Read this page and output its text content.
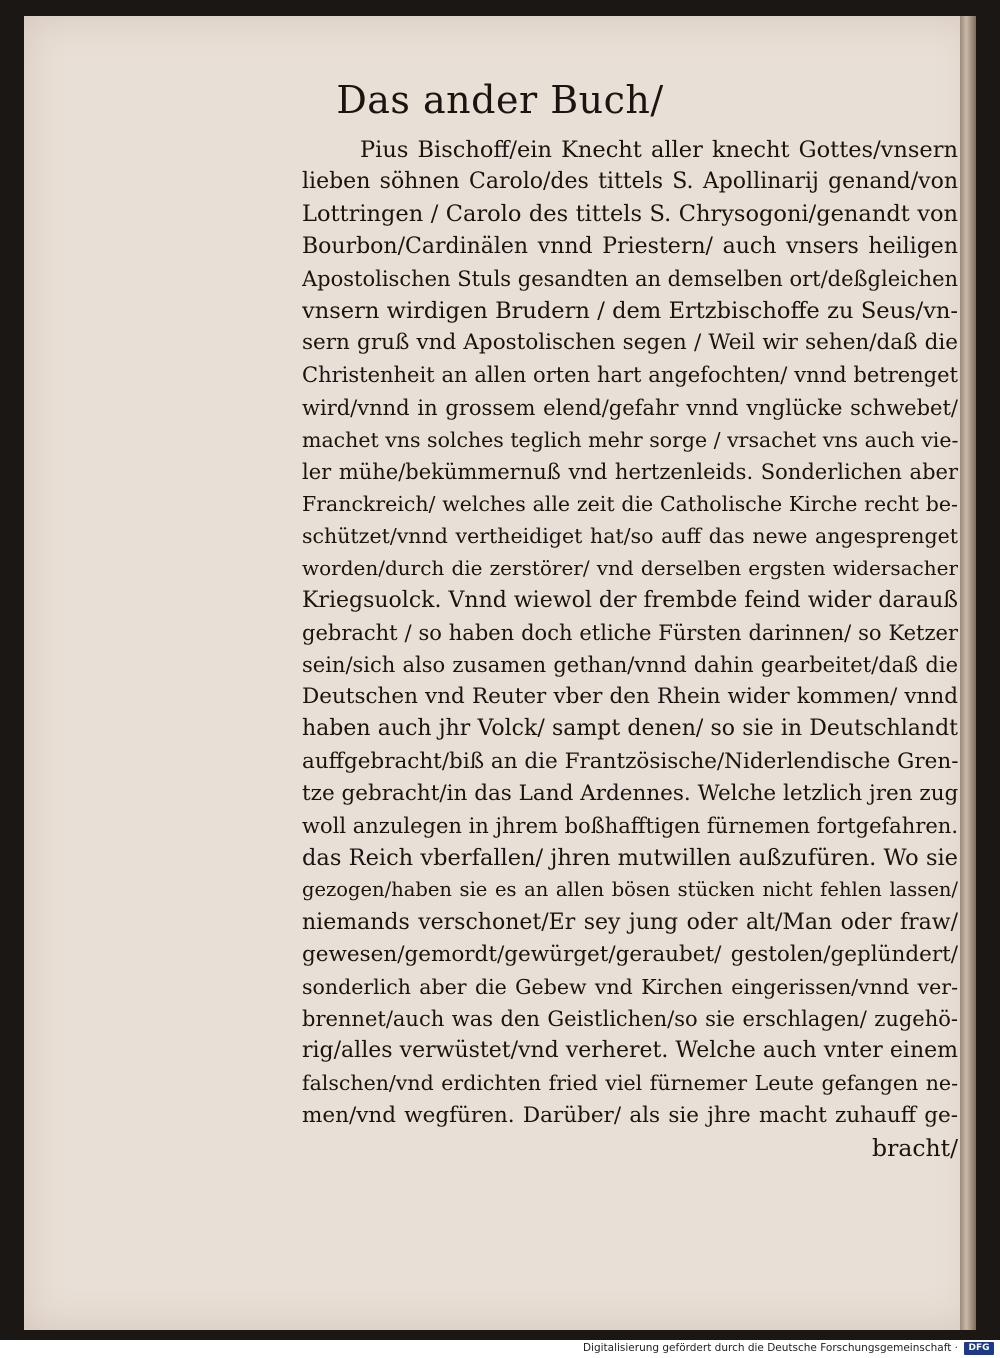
Das ander Buch/
Pius Bischoff/ein Knecht aller knecht Gottes/vnsern
lieben söhnen Carolo/des tittels S. Apollinarij genand/von
Lottringen / Carolo des tittels S. Chrysogoni/genandt von
Bourbon/Cardinälen vnnd Priestern/ auch vnsers heiligen
Apostolischen Stuls gesandten an demselben ort/deßgleichen
vnsern wirdigen Brudern / dem Ertzbischoffe zu Seus/vn-
sern gruß vnd Apostolischen segen / Weil wir sehen/daß die
Christenheit an allen orten hart angefochten/ vnnd betrenget
wird/vnnd in grossem elend/gefahr vnnd vnglücke schwebet/
machet vns solches teglich mehr sorge / vrsachet vns auch vie-
ler mühe/bekümmernuß vnd hertzenleids. Sonderlichen aber
Franckreich/ welches alle zeit die Catholische Kirche recht be-
schützet/vnnd vertheidiget hat/so auff das newe angesprenget
worden/durch die zerstörer/ vnd derselben ergsten widersacher
Kriegsuolck. Vnnd wiewol der frembde feind wider darauß
gebracht / so haben doch etliche Fürsten darinnen/ so Ketzer
sein/sich also zusamen gethan/vnnd dahin gearbeitet/daß die
Deutschen vnd Reuter vber den Rhein wider kommen/ vnnd
haben auch jhr Volck/ sampt denen/ so sie in Deutschlandt
auffgebracht/biß an die Frantzösische/Niderlendische Gren-
tze gebracht/in das Land Ardennes. Welche letzlich jren zug
woll anzulegen in jhrem boßhafftigen fürnemen fortgefahren.
das Reich vberfallen/ jhren mutwillen außzufüren. Wo sie
gezogen/haben sie es an allen bösen stücken nicht fehlen lassen/
niemands verschonet/Er sey jung oder alt/Man oder fraw/
gewesen/gemordt/gewürget/geraubet/ gestolen/geplündert/
sonderlich aber die Gebew vnd Kirchen eingerissen/vnnd ver-
brennet/auch was den Geistlichen/so sie erschlagen/ zugehö-
rig/alles verwüstet/vnd verheret. Welche auch vnter einem
falschen/vnd erdichten fried viel fürnemer Leute gefangen ne-
men/vnd wegfüren. Darüber/ als sie jhre macht zuhauff ge-
bracht/
Digitalisierung gefördert durch die Deutsche Forschungsgemeinschaft ·	DFG
